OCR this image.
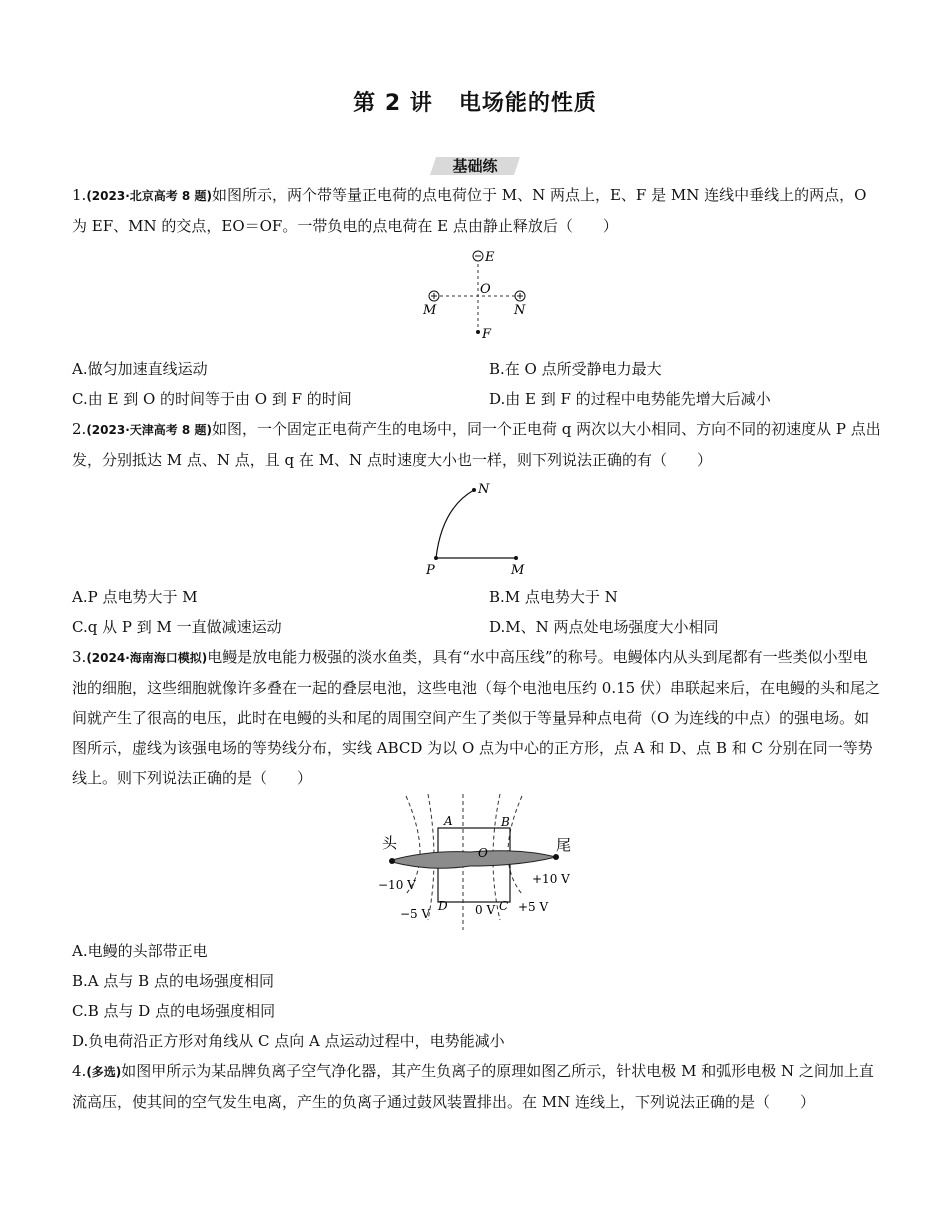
第 2 讲 电场能的性质
基础练
1.(2023·北京高考 8 题)如图所示，两个带等量正电荷的点电荷位于 M、N 两点上，E、F 是 MN 连线中垂线上的两点，O 为 EF、MN 的交点，EO＝OF。一带负电的点电荷在 E 点由静止释放后（　　）
E
O
M	N
F
A.做匀加速直线运动	B.在 O 点所受静电力最大
C.由 E 到 O 的时间等于由 O 到 F 的时间	D.由 E 到 F 的过程中电势能先增大后减小
2.(2023·天津高考 8 题)如图，一个固定正电荷产生的电场中，同一个正电荷 q 两次以大小相同、方向不同的初速度从 P 点出发，分别抵达 M 点、N 点，且 q 在 M、N 点时速度大小也一样，则下列说法正确的有（　　）
N
P	M
A.P 点电势大于 M	B.M 点电势大于 N
C.q 从 P 到 M 一直做减速运动	D.M、N 两点处电场强度大小相同
3.(2024·海南海口模拟)电鳗是放电能力极强的淡水鱼类，具有“水中高压线”的称号。电鳗体内从头到尾都有一些类似小型电池的细胞，这些细胞就像许多叠在一起的叠层电池，这些电池（每个电池电压约 0.15 伏）串联起来后，在电鳗的头和尾之间就产生了很高的电压，此时在电鳗的头和尾的周围空间产生了类似于等量异种点电荷（O 为连线的中点）的强电场。如图所示，虚线为该强电场的等势线分布，实线 ABCD 为以 O 点为中心的正方形，点 A 和 D、点 B 和 C 分别在同一等势线上。则下列说法正确的是（　　）
头	尾
A	B
O
D	C
−10 V	+10 V
−5 V	0 V +5 V
A.电鳗的头部带正电
B.A 点与 B 点的电场强度相同
C.B 点与 D 点的电场强度相同
D.负电荷沿正方形对角线从 C 点向 A 点运动过程中，电势能减小
4.(多选)如图甲所示为某品牌负离子空气净化器，其产生负离子的原理如图乙所示，针状电极 M 和弧形电极 N 之间加上直流高压，使其间的空气发生电离，产生的负离子通过鼓风装置排出。在 MN 连线上，下列说法正确的是（　　）
